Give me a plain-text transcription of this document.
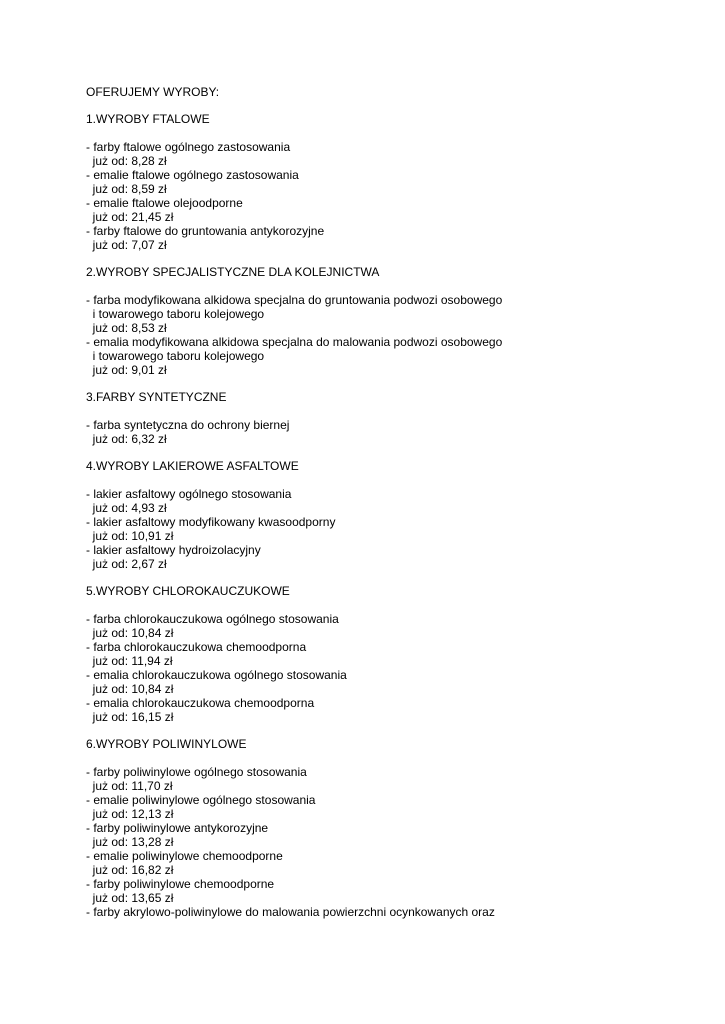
OFERUJEMY WYROBY:
1.WYROBY FTALOWE
- farby ftalowe ogólnego zastosowania
już od: 8,28 zł
- emalie ftalowe ogólnego zastosowania
już od: 8,59 zł
- emalie ftalowe olejoodporne
już od: 21,45 zł
- farby ftalowe do gruntowania antykorozyjne
już od: 7,07 zł
2.WYROBY SPECJALISTYCZNE DLA KOLEJNICTWA
- farba modyfikowana alkidowa specjalna do gruntowania podwozi osobowego
i towarowego taboru kolejowego
już od: 8,53 zł
- emalia modyfikowana alkidowa specjalna do malowania podwozi osobowego
i towarowego taboru kolejowego
już od: 9,01 zł
3.FARBY SYNTETYCZNE
- farba syntetyczna do ochrony biernej
już od: 6,32 zł
4.WYROBY LAKIEROWE ASFALTOWE
- lakier asfaltowy ogólnego stosowania
już od: 4,93 zł
- lakier asfaltowy modyfikowany kwasoodporny
już od: 10,91 zł
- lakier asfaltowy hydroizolacyjny
już od: 2,67 zł
5.WYROBY CHLOROKAUCZUKOWE
- farba chlorokauczukowa ogólnego stosowania
już od: 10,84 zł
- farba chlorokauczukowa chemoodporna
już od: 11,94 zł
- emalia chlorokauczukowa ogólnego stosowania
już od: 10,84 zł
- emalia chlorokauczukowa chemoodporna
już od: 16,15 zł
6.WYROBY POLIWINYLOWE
- farby poliwinylowe ogólnego stosowania
już od: 11,70 zł
- emalie poliwinylowe ogólnego stosowania
już od: 12,13 zł
- farby poliwinylowe antykorozyjne
już od: 13,28 zł
- emalie poliwinylowe chemoodporne
już od: 16,82 zł
- farby poliwinylowe chemoodporne
już od: 13,65 zł
- farby akrylowo-poliwinylowe do malowania powierzchni ocynkowanych oraz
